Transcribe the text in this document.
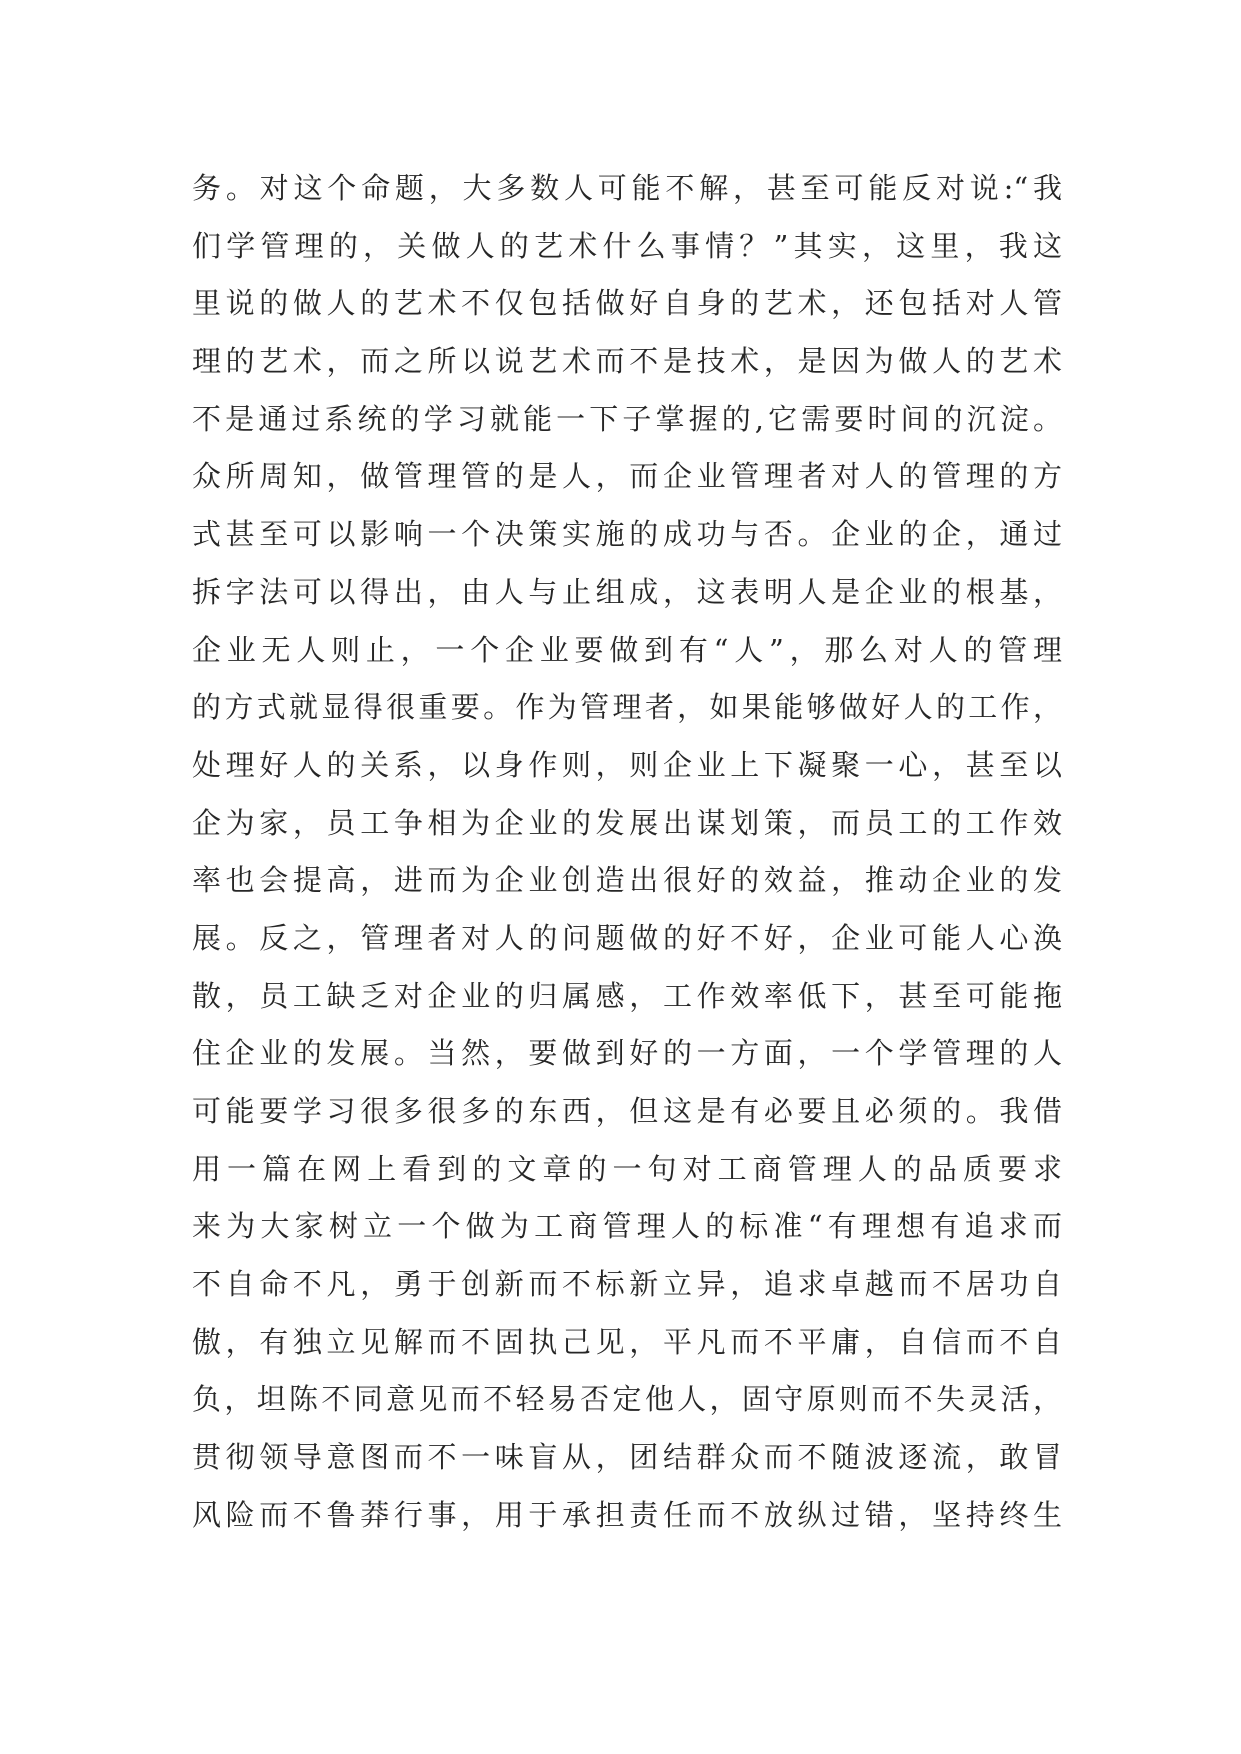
务。对这个命题，大多数人可能不解，甚至可能反对说:“我
们学管理的，关做人的艺术什么事情？”其实，这里，我这
里说的做人的艺术不仅包括做好自身的艺术，还包括对人管
理的艺术，而之所以说艺术而不是技术，是因为做人的艺术
不是通过系统的学习就能一下子掌握的,它需要时间的沉淀。
众所周知，做管理管的是人，而企业管理者对人的管理的方
式甚至可以影响一个决策实施的成功与否。企业的企，通过
拆字法可以得出，由人与止组成，这表明人是企业的根基，
企业无人则止，一个企业要做到有“人”，那么对人的管理
的方式就显得很重要。作为管理者，如果能够做好人的工作，
处理好人的关系，以身作则，则企业上下凝聚一心，甚至以
企为家，员工争相为企业的发展出谋划策，而员工的工作效
率也会提高，进而为企业创造出很好的效益，推动企业的发
展。反之，管理者对人的问题做的好不好，企业可能人心涣
散，员工缺乏对企业的归属感，工作效率低下，甚至可能拖
住企业的发展。当然，要做到好的一方面，一个学管理的人
可能要学习很多很多的东西，但这是有必要且必须的。我借
用一篇在网上看到的文章的一句对工商管理人的品质要求
来为大家树立一个做为工商管理人的标准“有理想有追求而
不自命不凡，勇于创新而不标新立异，追求卓越而不居功自
傲，有独立见解而不固执己见，平凡而不平庸，自信而不自
负，坦陈不同意见而不轻易否定他人，固守原则而不失灵活，
贯彻领导意图而不一味盲从，团结群众而不随波逐流，敢冒
风险而不鲁莽行事，用于承担责任而不放纵过错，坚持终生
